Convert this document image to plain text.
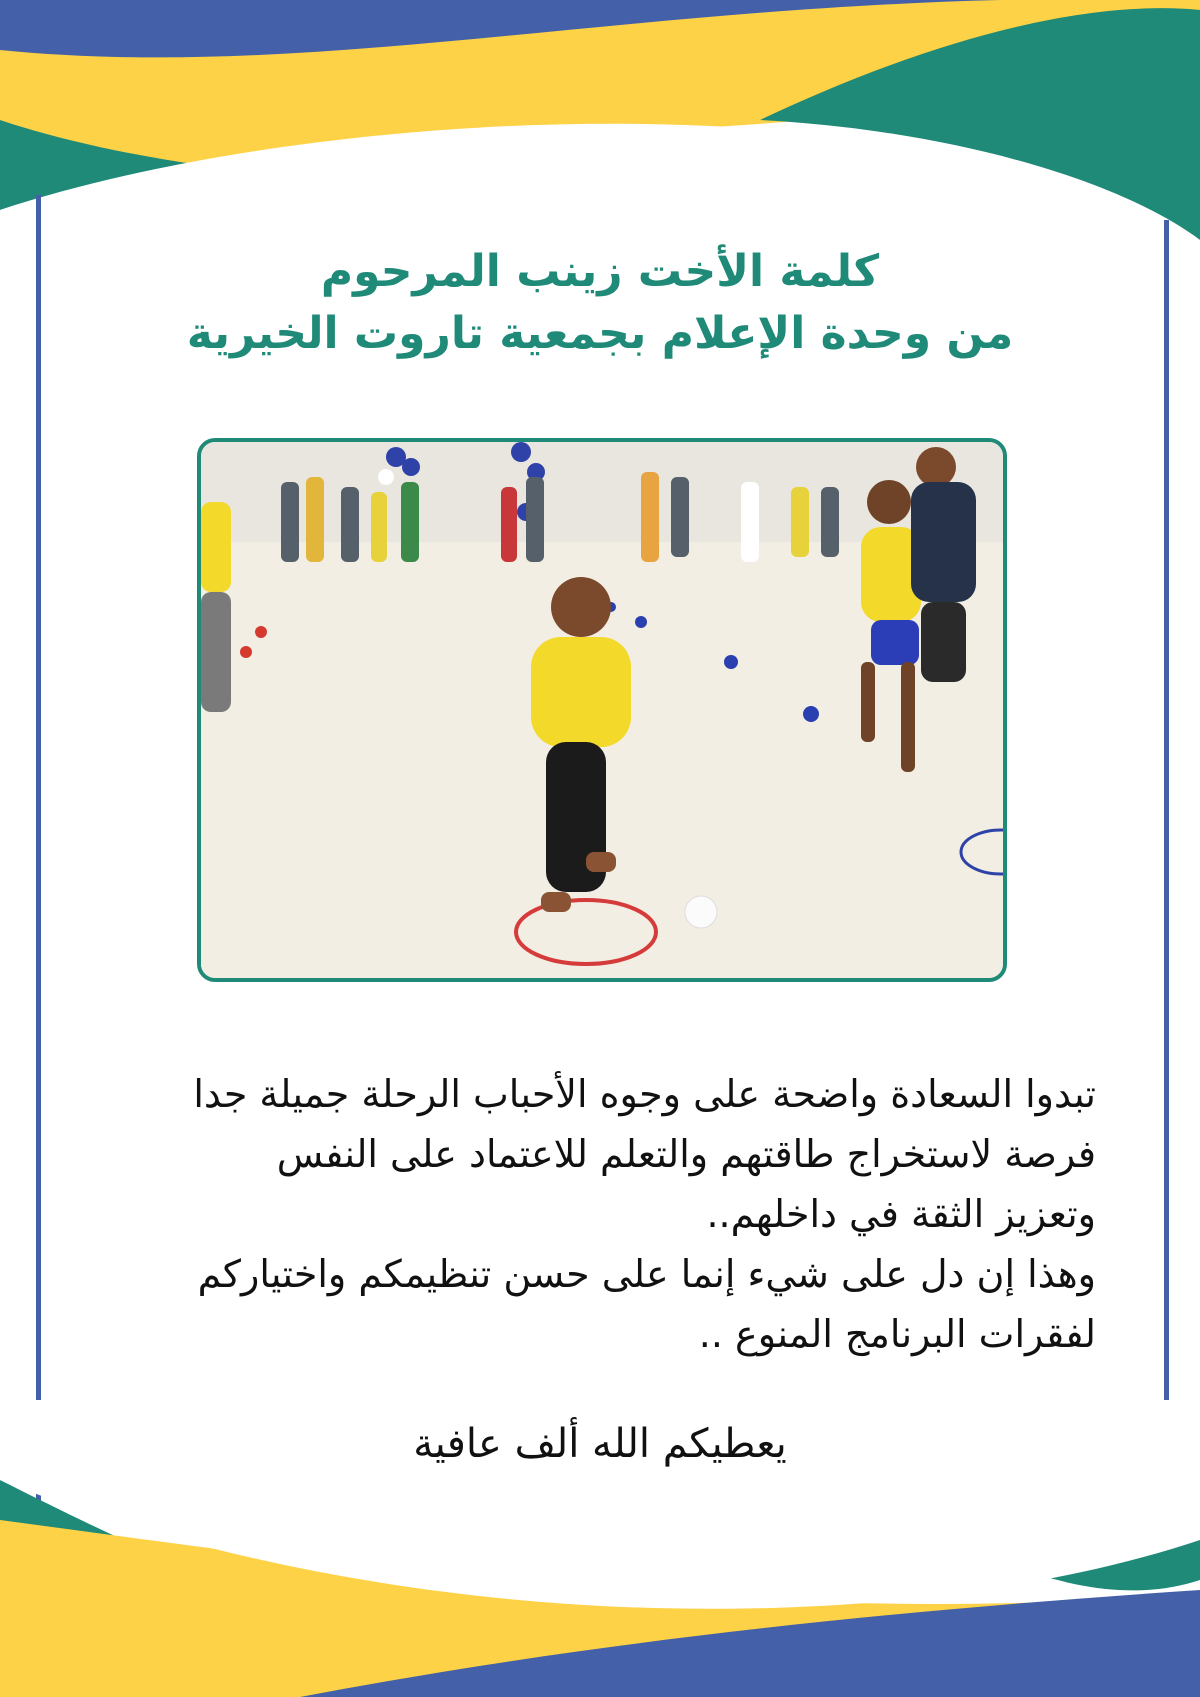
كلمة الأخت زينب المرحوم
من وحدة الإعلام بجمعية تاروت الخيرية

تبدوا السعادة واضحة على وجوه الأحباب الرحلة جميلة جدا

فرصة لاستخراج طاقتهم والتعلم للاعتماد على النفس

وتعزيز الثقة في داخلهم..

وهذا إن دل على شيء إنما على حسن تنظيمكم واختياركم

لفقرات البرنامج المنوع ..

يعطيكم الله ألف عافية
